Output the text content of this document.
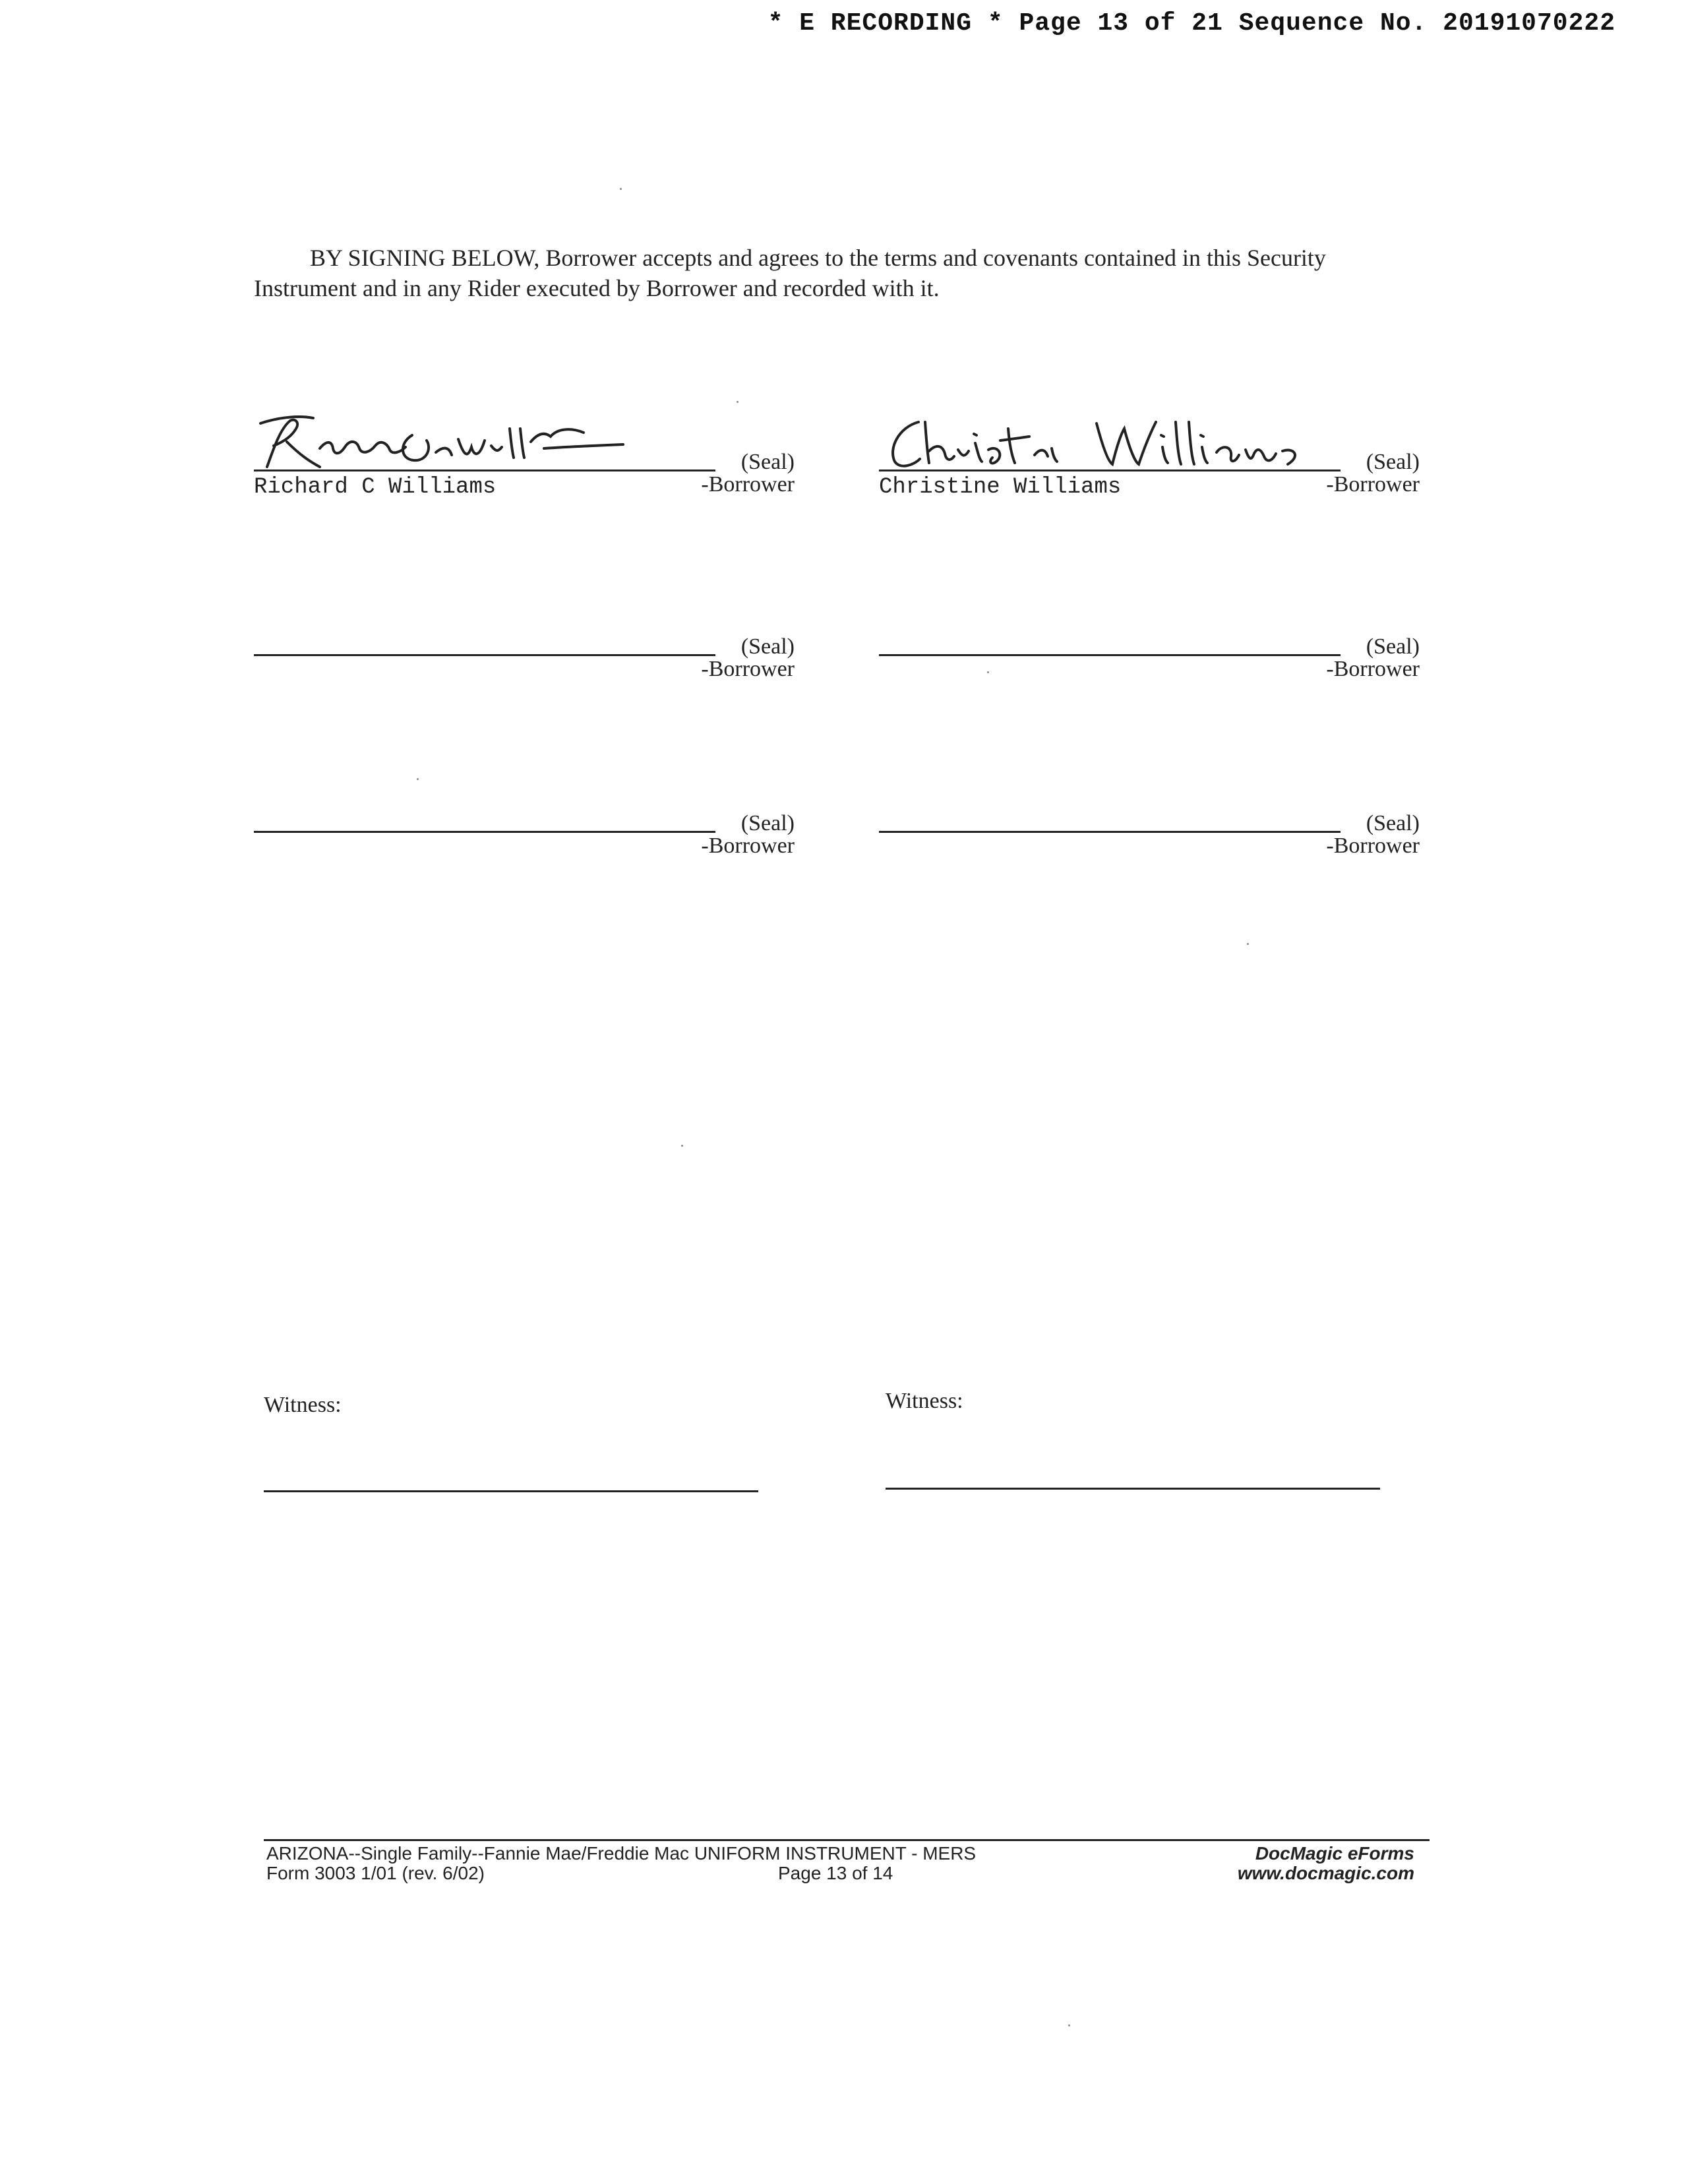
* E RECORDING * Page 13 of 21 Sequence No. 20191070222

BY SIGNING BELOW, Borrower accepts and agrees to the terms and covenants contained in this Security Instrument and in any Rider executed by Borrower and recorded with it.

(Seal)
-Borrower
Richard C Williams
(Seal)
-Borrower
Christine Williams
(Seal)
-Borrower
(Seal)
-Borrower
(Seal)
-Borrower
(Seal)
-Borrower
Witness:	Witness:
ARIZONA--Single Family--Fannie Mae/Freddie Mac UNIFORM INSTRUMENT - MERS
Form 3003 1/01 (rev. 6/02)	Page 13 of 14
DocMagic eForms
www.docmagic.com
